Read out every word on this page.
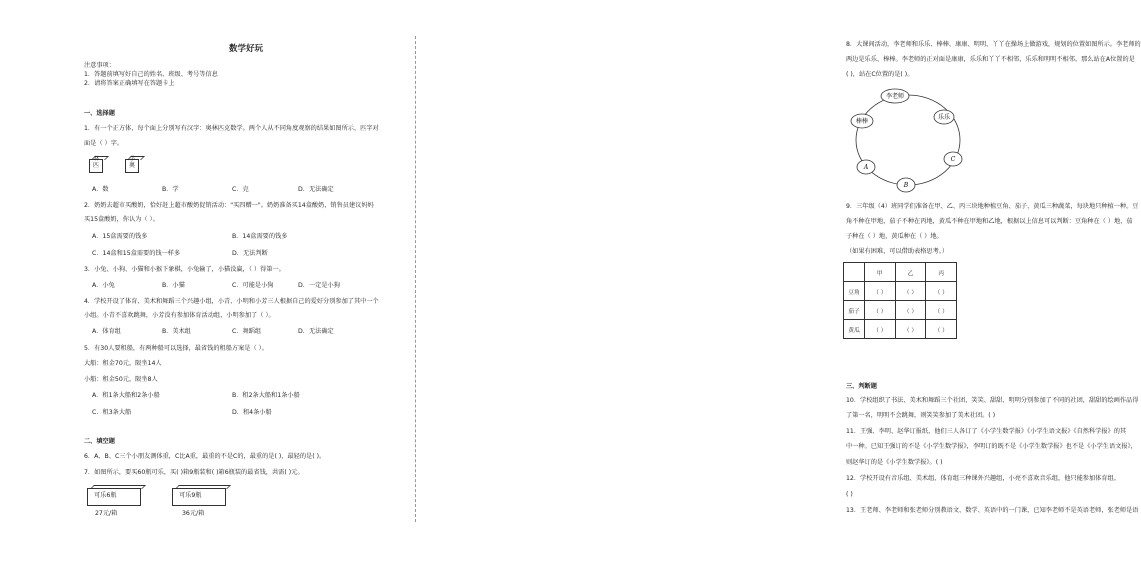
数学好玩
注意事项：
1．答题前填写好自己的姓名、班级、考号等信息
2．请将答案正确填写在答题卡上
一、选择题
1．有一个正方体，每个面上分别写有汉字：奥林匹克数学。两个人从不同角度观察的结果如图所示，匹字对
面是（ ）字。
匹
林
奥
学
A．数	B．学	C．克	D．无法确定
2．奶奶去超市买酸奶，恰好赶上超市酸奶促销活动："买四赠一"。奶奶准备买14盒酸奶，销售员建议妈妈
买15盒酸奶，你认为（ ）。
A．15盒需要的钱多	B．14盒需要的钱多
C．14盒和15盒需要的钱一样多	D．无法判断
3．小兔、小狗、小猫和小猴下象棋，小兔输了，小猫没赢，（ ）得第一。
A．小兔	B．小猫	C．可能是小狗	D．一定是小狗
4．学校开设了体育、美术和舞蹈三个兴趣小组，小青、小明和小芳三人根据自己的爱好分别参加了其中一个
小组。小青不喜欢跳舞，小芳没有参加体育活动组，小明参加了（ ）。
A．体育组	B．美术组	C．舞蹈组	D．无法确定
5．有30人要租船，有两种船可以选择，最省钱的租船方案是（ ）。
大船：租金70元，限坐14人
小船：租金50元，限坐8人
A．租1条大船和2条小船	B．租2条大船和1条小船
C．租3条大船	D．租4条小船
二、填空题
6．A、B、C三个小朋友测体重，C比A重，最重的不是C的，最重的是( )，最轻的是( )。
7．如图所示，要买60瓶可乐，买( )箱9瓶装和( )箱6瓶装的最省钱，共需( )元。
可乐6瓶
27元/箱
可乐9瓶
36元/箱
8．大课间活动，李老师和乐乐、棒棒、康康、明明、丫丫在操场上做游戏，规划的位置如图所示。李老师的
两边是乐乐、棒棒。李老师的正对面是康康，乐乐和丫丫不相邻，乐乐和明明不相邻。那么站在A位置的是
( )，站在C位置的是( )。
李老师
乐乐
C
B
A
棒棒
9．三年级（4）班同学们准备在甲、乙、丙三块地种植豆角、茄子、黄瓜三种蔬菜，每块地只种植一种。豆
角不种在甲地，茄子不种在丙地，黄瓜不种在甲地和乙地，根据以上信息可以判断：豆角种在（ ）地，茄
子种在（ ）地，黄瓜种在（ ）地。
（如果有困难，可以借助表格思考。）
	甲	乙	丙
豆角	（ ）	（ ）	（ ）
茄子	（ ）	（ ）	（ ）
黄瓜	（ ）	（ ）	（ ）
三、判断题
10．学校组织了书法、美术和舞蹈三个社团，笑笑、甜甜、明明分别参加了不同的社团，甜甜的绘画作品得
了第一名，明明不会跳舞，则笑笑参加了美术社团。( )
11．王强、李明、赵华订报纸，他们三人各订了《小学生数学报》《小学生语文报》《自然科学报》的其
中一种。已知王强订的不是《小学生数学报》，李明订的既不是《小学生数学报》也不是《小学生语文报》，
则赵华订的是《小学生数学报》。( )
12．学校开设有音乐组、美术组、体育组三种课外兴趣组，小亮不喜欢音乐组，他只能参加体育组。
( )
13．王老师、李老师和张老师分别教语文、数学、英语中的一门课，已知李老师不是英语老师，张老师是语
